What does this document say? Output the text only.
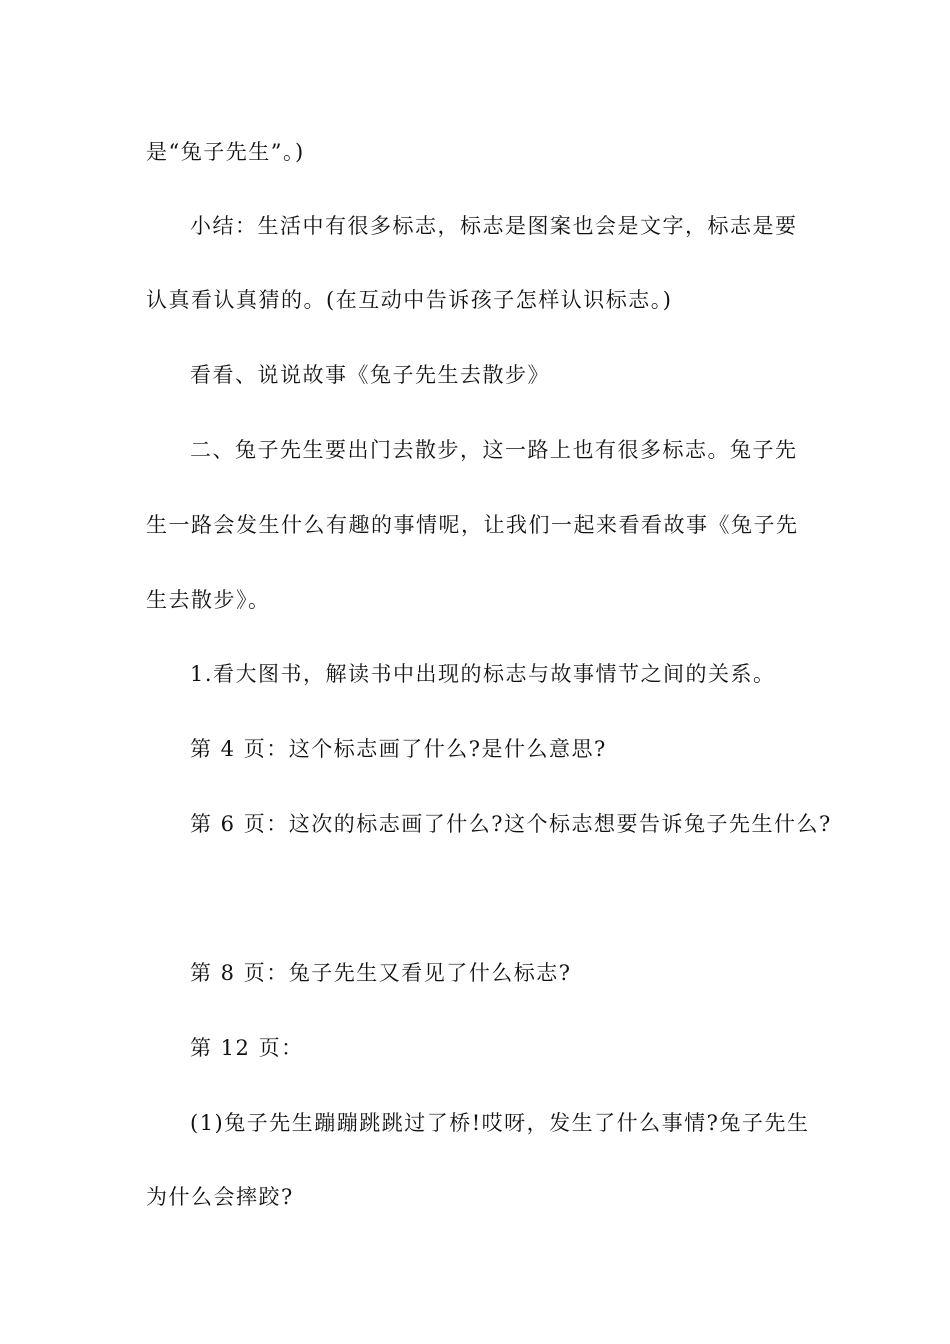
是“兔子先生”。)
小结：生活中有很多标志，标志是图案也会是文字，标志是要
认真看认真猜的。(在互动中告诉孩子怎样认识标志。)
看看、说说故事《兔子先生去散步》
二、兔子先生要出门去散步，这一路上也有很多标志。兔子先
生一路会发生什么有趣的事情呢，让我们一起来看看故事《兔子先
生去散步》。
1.看大图书，解读书中出现的标志与故事情节之间的关系。
第 4 页：这个标志画了什么?是什么意思?
第 6 页：这次的标志画了什么?这个标志想要告诉兔子先生什么?
第 8 页：兔子先生又看见了什么标志?
第 12 页：
(1)兔子先生蹦蹦跳跳过了桥!哎呀，发生了什么事情?兔子先生
为什么会摔跤?
